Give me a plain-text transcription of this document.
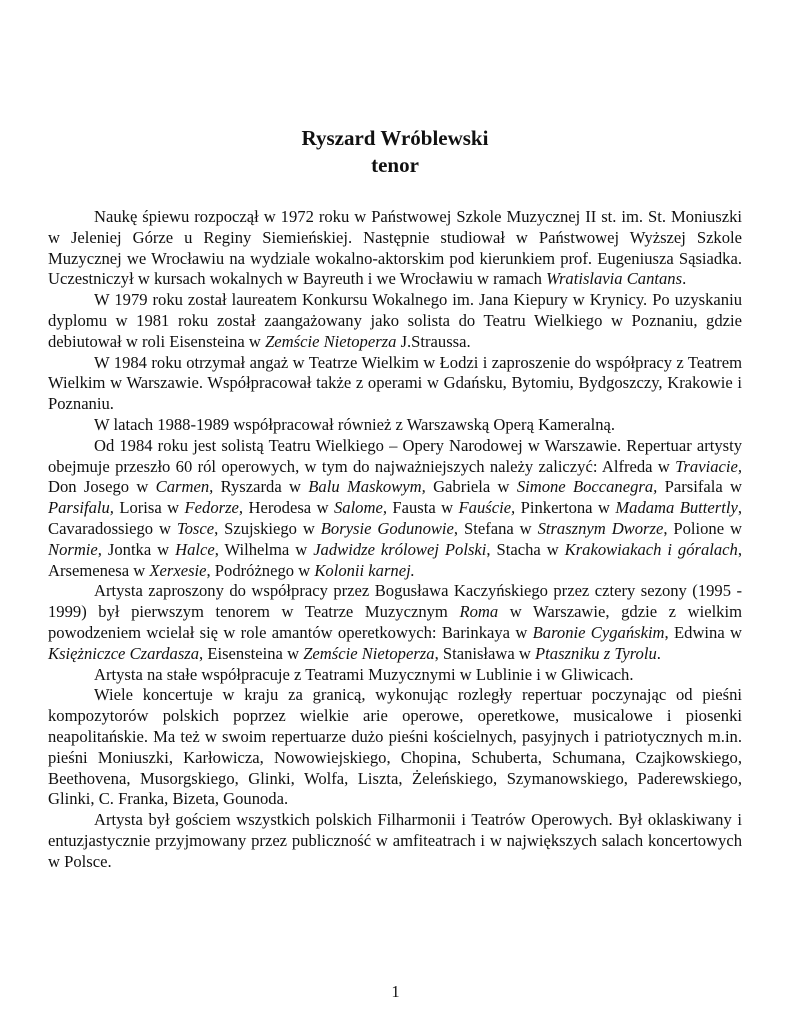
Ryszard Wróblewski
tenor

Naukę śpiewu rozpoczął w 1972 roku w Państwowej Szkole Muzycznej II st. im. St. Moniuszki w Jeleniej Górze u Reginy Siemieńskiej. Następnie studiował w Państwowej Wyższej Szkole Muzycznej we Wrocławiu na wydziale wokalno-aktorskim pod kierunkiem prof. Eugeniusza Sąsiadka. Uczestniczył w kursach wokalnych w Bayreuth i we Wrocławiu w ramach Wratislavia Cantans.

W 1979 roku został laureatem Konkursu Wokalnego im. Jana Kiepury w Krynicy. Po uzyskaniu dyplomu w 1981 roku został zaangażowany jako solista do Teatru Wielkiego w Poznaniu, gdzie debiutował w roli Eisensteina w Zemście Nietoperza J.Straussa.

W 1984 roku otrzymał angaż w Teatrze Wielkim w Łodzi i zaproszenie do współpracy z Teatrem Wielkim w Warszawie. Współpracował także z operami w Gdańsku, Bytomiu, Bydgoszczy, Krakowie i Poznaniu.

W latach 1988-1989 współpracował również z Warszawską Operą Kameralną.

Od 1984 roku jest solistą Teatru Wielkiego – Opery Narodowej w Warszawie. Repertuar artysty obejmuje przeszło 60 ról operowych, w tym do najważniejszych należy zaliczyć: Alfreda w Traviacie, Don Josego w Carmen, Ryszarda w Balu Maskowym, Gabriela w Simone Boccanegra, Parsifala w Parsifalu, Lorisa w Fedorze, Herodesa w Salome, Fausta w Fauście, Pinkertona w Madama Buttertly, Cavaradossiego w Tosce, Szujskiego w Borysie Godunowie, Stefana w Strasznym Dworze, Polione w Normie, Jontka w Halce, Wilhelma w Jadwidze królowej Polski, Stacha w Krakowiakach i góralach, Arsemenesa w Xerxesie, Podróżnego w Kolonii karnej.

Artysta zaproszony do współpracy przez Bogusława Kaczyńskiego przez cztery sezony (1995 - 1999) był pierwszym tenorem w Teatrze Muzycznym Roma w Warszawie, gdzie z wielkim powodzeniem wcielał się w role amantów operetkowych: Barinkaya w Baronie Cygańskim, Edwina w Księżniczce Czardasza, Eisensteina w Zemście Nietoperza, Stanisława w Ptaszniku z Tyrolu.

Artysta na stałe współpracuje z Teatrami Muzycznymi w Lublinie i w Gliwicach.

Wiele koncertuje w kraju za granicą, wykonując rozległy repertuar poczynając od pieśni kompozytorów polskich poprzez wielkie arie operowe, operetkowe, musicalowe i piosenki neapolitańskie. Ma też w swoim repertuarze dużo pieśni kościelnych, pasyjnych i patriotycznych m.in. pieśni Moniuszki, Karłowicza, Nowowiejskiego, Chopina, Schuberta, Schumana, Czajkowskiego, Beethovena, Musorgskiego, Glinki, Wolfa, Liszta, Żeleńskiego, Szymanowskiego, Paderewskiego, Glinki, C. Franka, Bizeta, Gounoda.

Artysta był gościem wszystkich polskich Filharmonii i Teatrów Operowych. Był oklaskiwany i entuzjastycznie przyjmowany przez publiczność w amfiteatrach i w największych salach koncertowych w Polsce.

1
